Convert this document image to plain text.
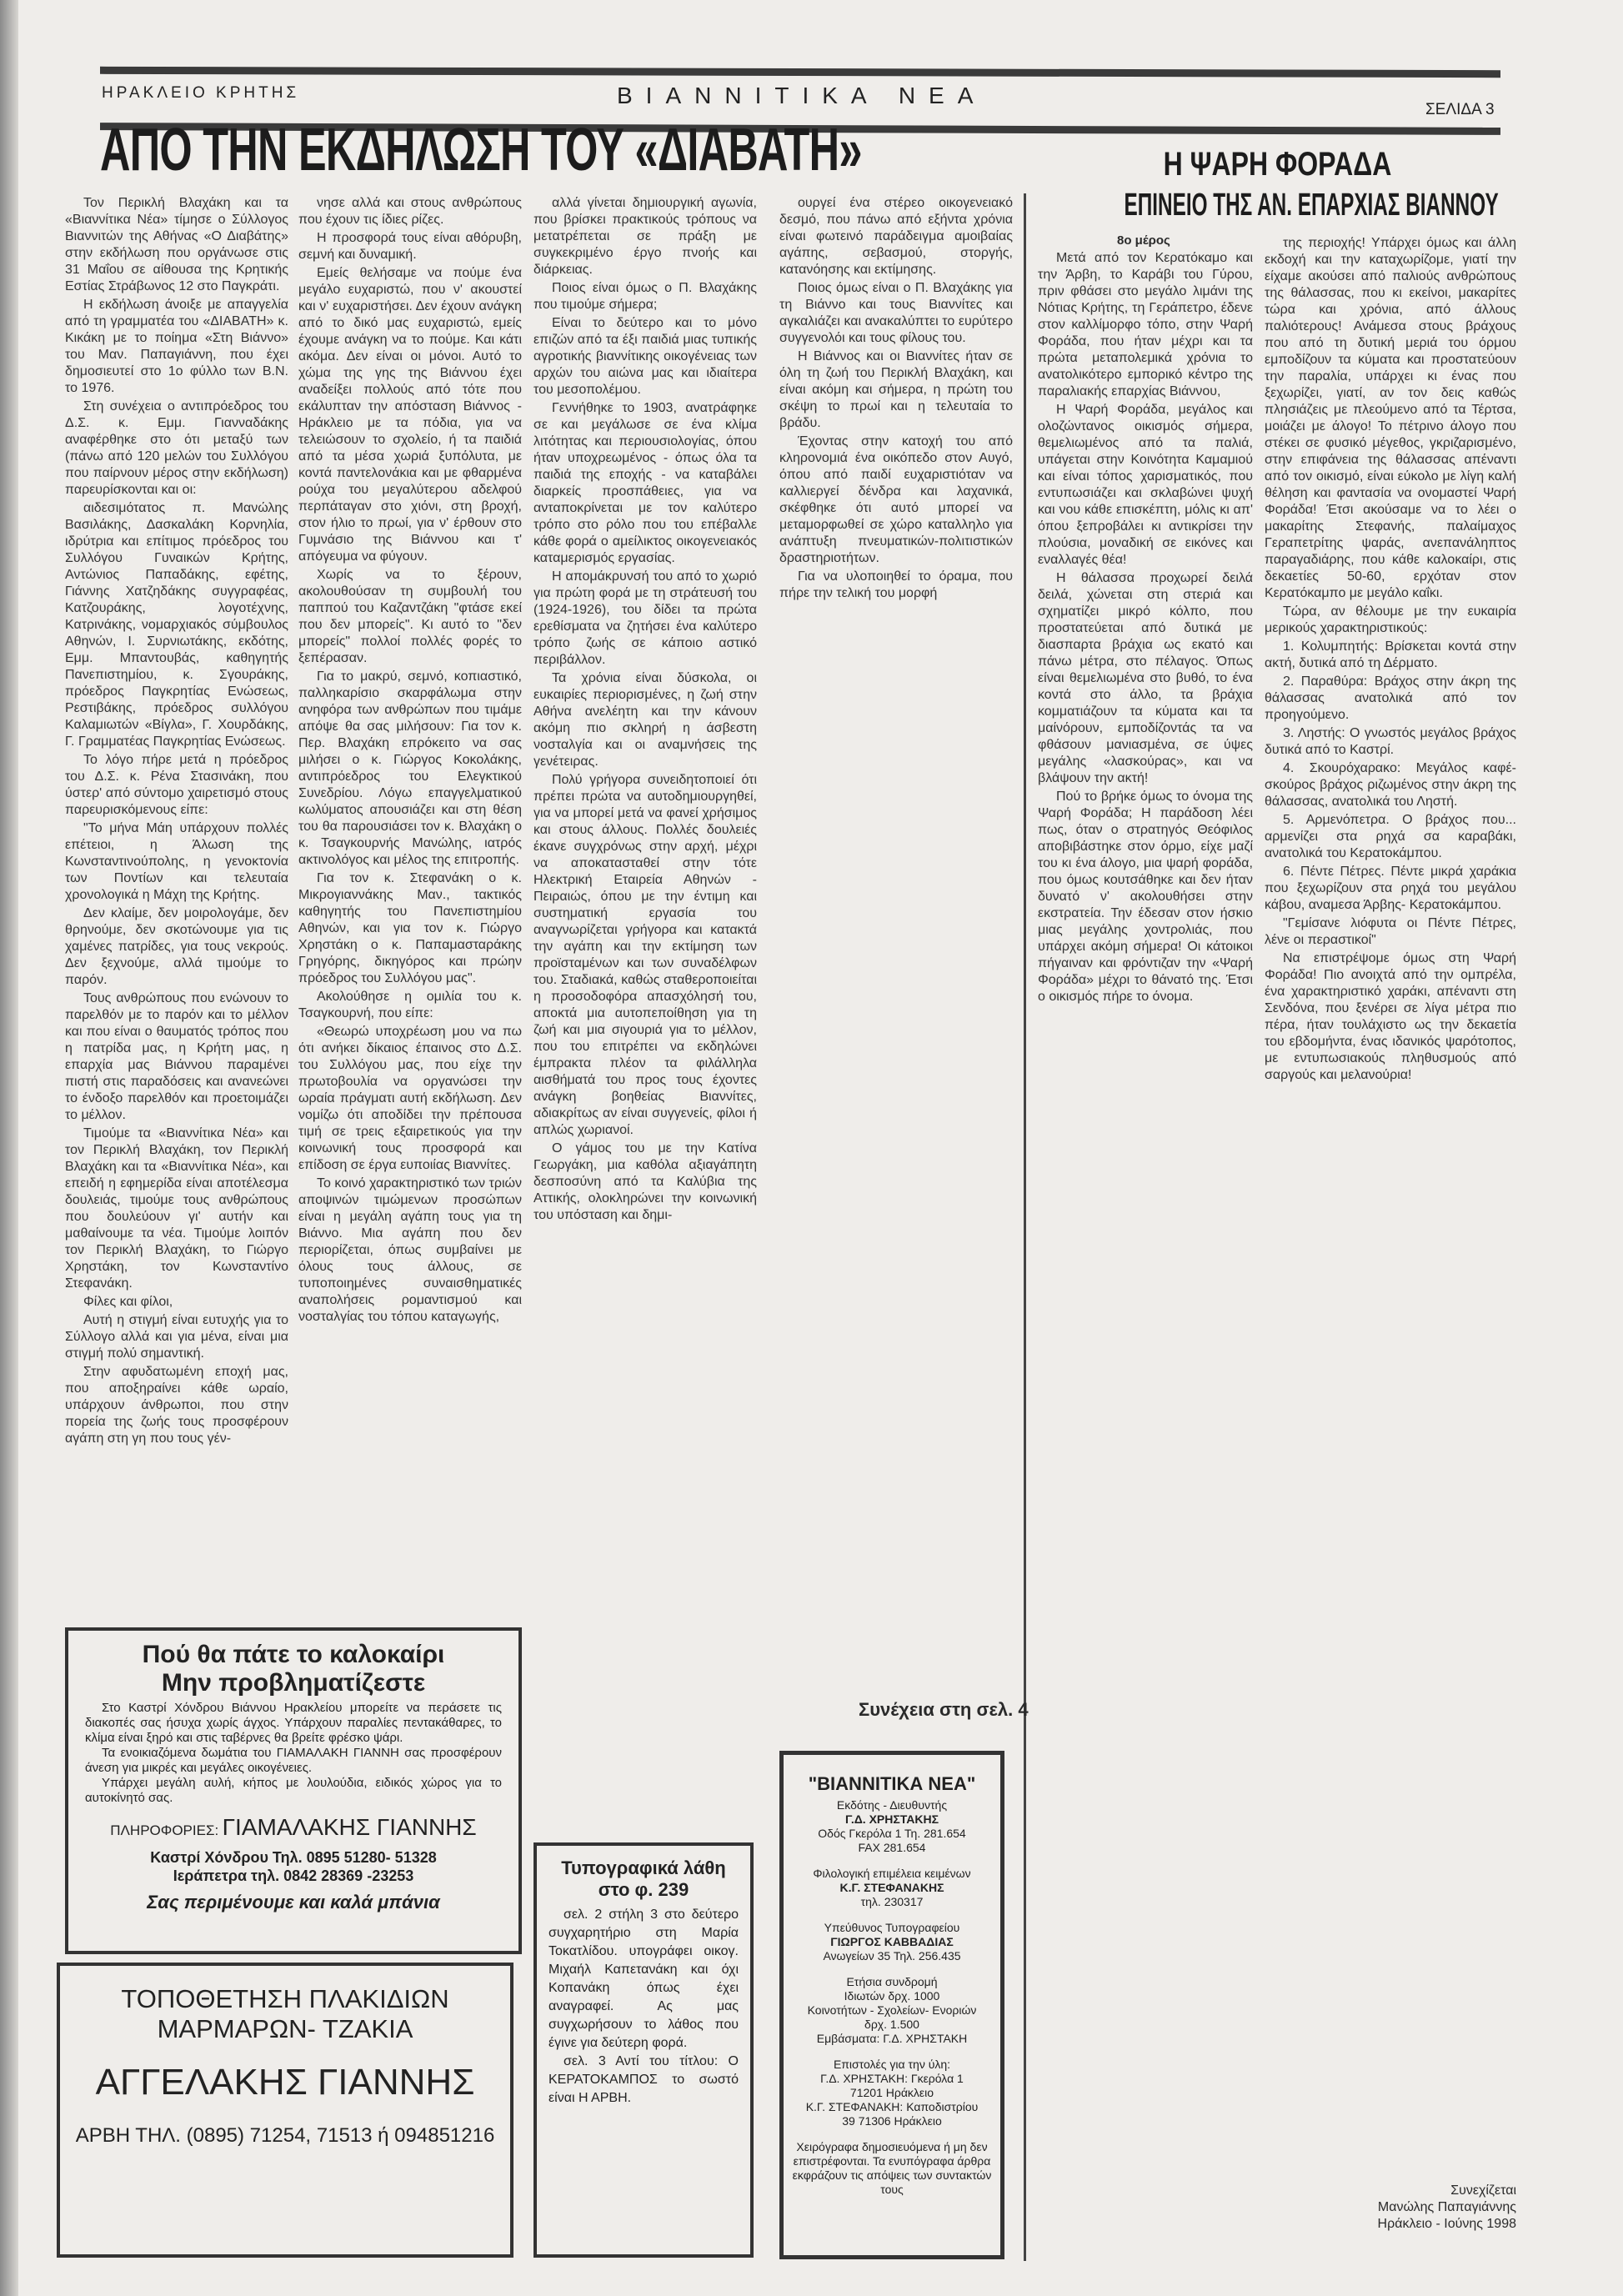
ΗΡΑΚΛΕΙΟ ΚΡΗΤΗΣ	ΒΙΑΝΝΙΤΙΚΑ ΝΕΑ
ΣΕΛΙΔΑ 3
ΑΠΟ ΤΗΝ ΕΚΔΗΛΩΣΗ ΤΟΥ «ΔΙΑΒΑΤΗ»

Τον Περικλή Βλαχάκη και τα «Βιαννίτικα Νέα» τίμησε ο Σύλλογος Βιαννιτών της Αθήνας «Ο Διαβάτης» στην εκδήλωση που οργάνωσε στις 31 Μαΐου σε αίθουσα της Κρητικής Εστίας Στράβωνος 12 στο Παγκράτι.

Η εκδήλωση άνοιξε με απαγγελία από τη γραμματέα του «ΔΙΑΒΑΤΗ» κ. Κικάκη με το ποίημα «Στη Βιάννο» του Μαν. Παπαγιάννη, που έχει δημοσιευτεί στο 1ο φύλλο των Β.Ν. το 1976.

Στη συνέχεια ο αντιπρόεδρος του Δ.Σ. κ. Εμμ. Γιανναδάκης αναφέρθηκε στο ότι μεταξύ των (πάνω από 120 μελών του Συλλόγου που παίρνουν μέρος στην εκδήλωση) παρευρίσκονται και οι:

αιδεσιμότατος π. Μανώλης Βασιλάκης, Δασκαλάκη Κορνηλία, ιδρύτρια και επίτιμος πρόεδρος του Συλλόγου Γυναικών Κρήτης, Αντώνιος Παπαδάκης, εφέτης, Γιάννης Χατζηδάκης συγγραφέας, Κατζουράκης, λογοτέχνης, Κατρινάκης, νομαρχιακός σύμβουλος Αθηνών, Ι. Συρνιωτάκης, εκδότης, Εμμ. Μπαντουβάς, καθηγητής Πανεπιστημίου, κ. Σγουράκης, πρόεδρος Παγκρητίας Ενώσεως, Ρεστιβάκης, πρόεδρος συλλόγου Καλαμιωτών «Βίγλα», Γ. Χουρδάκης, Γ. Γραμματέας Παγκρητίας Ενώσεως.

Το λόγο πήρε μετά η πρόεδρος του Δ.Σ. κ. Ρένα Στασινάκη, που ύστερ' από σύντομο χαιρετισμό στους παρευρισκόμενους είπε:

"Το μήνα Μάη υπάρχουν πολλές επέτειοι, η Άλωση της Κωνσταντινούπολης, η γενοκτονία των Ποντίων και τελευταία χρονολογικά η Μάχη της Κρήτης.

Δεν κλαίμε, δεν μοιρολογάμε, δεν θρηνούμε, δεν σκοτώνουμε για τις χαμένες πατρίδες, για τους νεκρούς. Δεν ξεχνούμε, αλλά τιμούμε το παρόν.

Τους ανθρώπους που ενώνουν το παρελθόν με το παρόν και το μέλλον και που είναι ο θαυματός τρόπος που η πατρίδα μας, η Κρήτη μας, η επαρχία μας Βιάννου παραμένει πιστή στις παραδόσεις και ανανεώνει το ένδοξο παρελθόν και προετοιμάζει το μέλλον.

Τιμούμε τα «Βιαννίτικα Νέα» και τον Περικλή Βλαχάκη, τον Περικλή Βλαχάκη και τα «Βιαννίτικα Νέα», και επειδή η εφημερίδα είναι αποτέλεσμα δουλειάς, τιμούμε τους ανθρώπους που δουλεύουν γι' αυτήν και μαθαίνουμε τα νέα. Τιμούμε λοιπόν τον Περικλή Βλαχάκη, το Γιώργο Χρηστάκη, τον Κωνσταντίνο Στεφανάκη.

Φίλες και φίλοι,

Αυτή η στιγμή είναι ευτυχής για το Σύλλογο αλλά και για μένα, είναι μια στιγμή πολύ σημαντική.

Στην αφυδατωμένη εποχή μας, που αποξηραίνει κάθε ωραίο, υπάρχουν άνθρωποι, που στην πορεία της ζωής τους προσφέρουν αγάπη στη γη που τους γέν-

νησε αλλά και στους ανθρώπους που έχουν τις ίδιες ρίζες.

Η προσφορά τους είναι αθόρυβη, σεμνή και δυναμική.

Εμείς θελήσαμε να πούμε ένα μεγάλο ευχαριστώ, που ν' ακουστεί και ν' ευχαριστήσει. Δεν έχουν ανάγκη από το δικό μας ευχαριστώ, εμείς έχουμε ανάγκη να το πούμε. Και κάτι ακόμα. Δεν είναι οι μόνοι. Αυτό το χώμα της γης της Βιάννου έχει αναδείξει πολλούς από τότε που εκάλυπταν την απόσταση Βιάννος - Ηράκλειο με τα πόδια, για να τελειώσουν το σχολείο, ή τα παιδιά από τα μέσα χωριά ξυπόλυτα, με κοντά παντελονάκια και με φθαρμένα ρούχα του μεγαλύτερου αδελφού περπάταγαν στο χιόνι, στη βροχή, στον ήλιο το πρωί, για ν' έρθουν στο Γυμνάσιο της Βιάννου και τ' απόγευμα να φύγουν.

Χωρίς να το ξέρουν, ακολουθούσαν τη συμβουλή του παππού του Καζαντζάκη "φτάσε εκεί που δεν μπορείς". Κι αυτό το "δεν μπορείς" πολλοί πολλές φορές το ξεπέρασαν.

Για το μακρύ, σεμνό, κοπιαστικό, παλληκαρίσιο σκαρφάλωμα στην ανηφόρα των ανθρώπων που τιμάμε απόψε θα σας μιλήσουν: Για τον κ. Περ. Βλαχάκη επρόκειτο να σας μιλήσει ο κ. Γιώργος Κοκολάκης, αντιπρόεδρος του Ελεγκτικού Συνεδρίου. Λόγω επαγγελματικού κωλύματος απουσιάζει και στη θέση του θα παρουσιάσει τον κ. Βλαχάκη ο κ. Τσαγκουρνής Μανώλης, ιατρός ακτινολόγος και μέλος της επιτροπής.

Για τον κ. Στεφανάκη ο κ. Μικρογιαννάκης Μαν., τακτικός καθηγητής του Πανεπιστημίου Αθηνών, και για τον κ. Γιώργο Χρηστάκη ο κ. Παπαμασταράκης Γρηγόρης, δικηγόρος και πρώην πρόεδρος του Συλλόγου μας".

Ακολούθησε η ομιλία του κ. Τσαγκουρνή, που είπε:

«Θεωρώ υποχρέωση μου να πω ότι ανήκει δίκαιος έπαινος στο Δ.Σ. του Συλλόγου μας, που είχε την πρωτοβουλία να οργανώσει την ωραία πράγματι αυτή εκδήλωση. Δεν νομίζω ότι αποδίδει την πρέπουσα τιμή σε τρεις εξαιρετικούς για την κοινωνική τους προσφορά και επίδοση σε έργα ευποιίας Βιαννίτες.

Το κοινό χαρακτηριστικό των τριών αποψινών τιμώμενων προσώπων είναι η μεγάλη αγάπη τους για τη Βιάννο. Μια αγάπη που δεν περιορίζεται, όπως συμβαίνει με όλους τους άλλους, σε τυποποιημένες συναισθηματικές αναπολήσεις ρομαντισμού και νοσταλγίας του τόπου καταγωγής,

αλλά γίνεται δημιουργική αγωνία, που βρίσκει πρακτικούς τρόπους να μετατρέπεται σε πράξη με συγκεκριμένο έργο πνοής και διάρκειας.

Ποιος είναι όμως ο Π. Βλαχάκης που τιμούμε σήμερα;

Είναι το δεύτερο και το μόνο επιζών από τα έξι παιδιά μιας τυπικής αγροτικής βιαννίτικης οικογένειας των αρχών του αιώνα μας και ιδιαίτερα του μεσοπολέμου.

Γεννήθηκε το 1903, ανατράφηκε σε και μεγάλωσε σε ένα κλίμα λιτότητας και περιουσιολογίας, όπου ήταν υποχρεωμένος - όπως όλα τα παιδιά της εποχής - να καταβάλει διαρκείς προσπάθειες, για να ανταποκρίνεται με τον καλύτερο τρόπο στο ρόλο που του επέβαλλε κάθε φορά ο αμείλικτος οικογενειακός καταμερισμός εργασίας.

Η απομάκρυνσή του από το χωριό για πρώτη φορά με τη στράτευσή του (1924-1926), του δίδει τα πρώτα ερεθίσματα να ζητήσει ένα καλύτερο τρόπο ζωής σε κάποιο αστικό περιβάλλον.

Τα χρόνια είναι δύσκολα, οι ευκαιρίες περιορισμένες, η ζωή στην Αθήνα ανελέητη και την κάνουν ακόμη πιο σκληρή η άσβεστη νοσταλγία και οι αναμνήσεις της γενέτειρας.

Πολύ γρήγορα συνειδητοποιεί ότι πρέπει πρώτα να αυτοδημιουργηθεί, για να μπορεί μετά να φανεί χρήσιμος και στους άλλους. Πολλές δουλειές έκανε συγχρόνως στην αρχή, μέχρι να αποκατασταθεί στην τότε Ηλεκτρική Εταιρεία Αθηνών - Πειραιώς, όπου με την έντιμη και συστηματική εργασία του αναγνωρίζεται γρήγορα και κατακτά την αγάπη και την εκτίμηση των προϊσταμένων και των συναδέλφων του. Σταδιακά, καθώς σταθεροποιείται η προσοδοφόρα απασχόλησή του, αποκτά μια αυτοπεποίθηση για τη ζωή και μια σιγουριά για το μέλλον, που του επιτρέπει να εκδηλώνει έμπρακτα πλέον τα φιλάλληλα αισθήματά του προς τους έχοντες ανάγκη βοηθείας Βιαννίτες, αδιακρίτως αν είναι συγγενείς, φίλοι ή απλώς χωριανοί.

Ο γάμος του με την Κατίνα Γεωργάκη, μια καθόλα αξιαγάπητη δεσποσύνη από τα Καλύβια της Αττικής, ολοκληρώνει την κοινωνική του υπόσταση και δημι-

ουργεί ένα στέρεο οικογενειακό δεσμό, που πάνω από εξήντα χρόνια είναι φωτεινό παράδειγμα αμοιβαίας αγάπης, σεβασμού, στοργής, κατανόησης και εκτίμησης.

Ποιος όμως είναι ο Π. Βλαχάκης για τη Βιάννο και τους Βιαννίτες και αγκαλιάζει και ανακαλύπτει το ευρύτερο συγγενολόι και τους φίλους του.

Η Βιάννος και οι Βιαννίτες ήταν σε όλη τη ζωή του Περικλή Βλαχάκη, και είναι ακόμη και σήμερα, η πρώτη του σκέψη το πρωί και η τελευταία το βράδυ.

Έχοντας στην κατοχή του από κληρονομιά ένα οικόπεδο στον Αυγό, όπου από παιδί ευχαριστιόταν να καλλιεργεί δένδρα και λαχανικά, σκέφθηκε ότι αυτό μπορεί να μεταμορφωθεί σε χώρο καταλληλο για ανάπτυξη πνευματικών-πολιτιστικών δραστηριοτήτων.

Για να υλοποιηθεί το όραμα, που πήρε την τελική του μορφή

Συνέχεια στη σελ. 4
Η ΨΑΡΗ ΦΟΡΑΔΑ
ΕΠΙΝΕΙΟ ΤΗΣ ΑΝ. ΕΠΑΡΧΙΑΣ ΒΙΑΝΝΟΥ
8ο μέρος

Μετά από τον Κερατόκαμο και την Άρβη, το Καράβι του Γύρου, πριν φθάσει στο μεγάλο λιμάνι της Νότιας Κρήτης, τη Γεράπετρο, έδενε στον καλλίμορφο τόπο, στην Ψαρή Φοράδα, που ήταν μέχρι και τα πρώτα μεταπολεμικά χρόνια το ανατολικότερο εμπορικό κέντρο της παραλιακής επαρχίας Βιάννου,

Η Ψαρή Φοράδα, μεγάλος και ολοζώντανος οικισμός σήμερα, θεμελιωμένος από τα παλιά, υπάγεται στην Κοινότητα Καμαμιού και είναι τόπος χαρισματικός, που εντυπωσιάζει και σκλαβώνει ψυχή και νου κάθε επισκέπτη, μόλις κι απ' όπου ξεπροβάλει κι αντικρίσει την πλούσια, μοναδική σε εικόνες και εναλλαγές θέα!

Η θάλασσα προχωρεί δειλά δειλά, χώνεται στη στεριά και σχηματίζει μικρό κόλπο, που προστατεύεται από δυτικά με διασπαρτα βράχια ως εκατό και πάνω μέτρα, στο πέλαγος. Όπως είναι θεμελιωμένα στο βυθό, το ένα κοντά στο άλλο, τα βράχια κομματιάζουν τα κύματα και τα μαίνόρουν, εμποδίζοντάς τα να φθάσουν μανιασμένα, σε ύψες μεγάλης «λασκούρας», και να βλάψουν την ακτή!

Πού το βρήκε όμως το όνομα της Ψαρή Φοράδα; Η παράδοση λέει πως, όταν ο στρατηγός Θεόφιλος αποβιβάστηκε στον όρμο, είχε μαζί του κι ένα άλογο, μια ψαρή φοράδα, που όμως κουτσάθηκε και δεν ήταν δυνατό ν' ακολουθήσει στην εκστρατεία. Την έδεσαν στον ήσκιο μιας μεγάλης χοντρολιάς, που υπάρχει ακόμη σήμερα! Οι κάτοικοι πήγαιναν και φρόντιζαν την «Ψαρή Φοράδα» μέχρι το θάνατό της. Έτσι ο οικισμός πήρε το όνομα.

της περιοχής! Υπάρχει όμως και άλλη εκδοχή και την καταχωρίζομε, γιατί την είχαμε ακούσει από παλιούς ανθρώπους της θάλασσας, που κι εκείνοι, μακαρίτες τώρα και χρόνια, από άλλους παλιότερους! Ανάμεσα στους βράχους που από τη δυτική μεριά του όρμου εμποδίζουν τα κύματα και προστατεύουν την παραλία, υπάρχει κι ένας που ξεχωρίζει, γιατί, αν τον δεις καθώς πλησιάζεις με πλεούμενο από τα Τέρτσα, μοιάζει με άλογο! Το πέτρινο άλογο που στέκει σε φυσικό μέγεθος, γκριζαρισμένο, στην επιφάνεια της θάλασσας απέναντι από τον οικισμό, είναι εύκολο με λίγη καλή θέληση και φαντασία να ονομαστεί Ψαρή Φοράδα! Έτσι ακούσαμε να το λέει ο μακαρίτης Στεφανής, παλαίμαχος Γεραπετρίτης ψαράς, ανεπανάληπτος παραγαδιάρης, που κάθε καλοκαίρι, στις δεκαετίες 50-60, ερχόταν στον Κερατόκαμπο με μεγάλο καΐκι.

Τώρα, αν θέλουμε με την ευκαιρία μερικούς χαρακτηριστικούς:

1. Κολυμπητής: Βρίσκεται κοντά στην ακτή, δυτικά από τη Δέρματο.

2. Παραθύρα: Βράχος στην άκρη της θάλασσας ανατολικά από τον προηγούμενο.

3. Ληστής: Ο γνωστός μεγάλος βράχος δυτικά από το Καστρί.

4. Σκουρόχαρακο: Μεγάλος καφέ- σκούρος βράχος ριζωμένος στην άκρη της θάλασσας, ανατολικά του Ληστή.

5. Αρμενόπετρα. Ο βράχος που... αρμενίζει στα ρηχά σα καραβάκι, ανατολικά του Κερατοκάμπου.

6. Πέντε Πέτρες. Πέντε μικρά χαράκια που ξεχωρίζουν στα ρηχά του μεγάλου κάβου, αναμεσα Άρβης- Κερατοκάμπου.

"Γεμίσανε λιόφυτα οι Πέντε Πέτρες, λένε οι περαστικοί"

Να επιστρέψομε όμως στη Ψαρή Φοράδα! Πιο ανοιχτά από την ομπρέλα, ένα χαρακτηριστικό χαράκι, απέναντι στη Σενδόνα, που ξενέρει σε λίγα μέτρα πιο πέρα, ήταν τουλάχιστο ως την δεκαετία του εβδομήντα, ένας ιδανικός ψαρότοπος, με εντυπωσιακούς πληθυσμούς από σαργούς και μελανούρια!

Συνεχίζεται
Μανώλης Παπαγιάννης
Ηράκλειο - Ιούνης 1998

Πού θα πάτε το καλοκαίρι

Μην προβληματίζεστε

Στο Καστρί Χόνδρου Βιάννου Ηρακλείου μπορείτε να περάσετε τις διακοπές σας ήσυχα χωρίς άγχος. Υπάρχουν παραλίες πεντακάθαρες, το κλίμα είναι ξηρό και στις ταβέρνες θα βρείτε φρέσκο ψάρι.

Τα ενοικιαζόμενα δωμάτια του ΓΙΑΜΑΛΑΚΗ ΓΙΑΝΝΗ σας προσφέρουν άνεση για μικρές και μεγάλες οικογένειες.

Υπάρχει μεγάλη αυλή, κήπος με λουλούδια, ειδικός χώρος για το αυτοκίνητό σας.

ΠΛΗΡΟΦΟΡΙΕΣ: ΓΙΑΜΑΛΑΚΗΣ ΓΙΑΝΝΗΣ

Καστρί Χόνδρου Τηλ. 0895 51280- 51328

Ιεράπετρα τηλ. 0842 28369 -23253

Σας περιμένουμε και καλά μπάνια

ΤΟΠΟΘΕΤΗΣΗ ΠΛΑΚΙΔΙΩΝ

ΜΑΡΜΑΡΩΝ- ΤΖΑΚΙΑ

ΑΓΓΕΛΑΚΗΣ ΓΙΑΝΝΗΣ

ΑΡΒΗ ΤΗΛ. (0895) 71254, 71513 ή 094851216

Τυπογραφικά λάθη

στο φ. 239

σελ. 2 στήλη 3 στο δεύτερο συγχαρητήριο στη Μαρία Τοκατλίδου. υπογράφει οικογ. Μιχαήλ Καπετανάκη και όχι Κοπανάκη όπως έχει αναγραφεί. Ας μας συγχωρήσουν το λάθος που έγινε για δεύτερη φορά.

σελ. 3 Αντί του τίτλου: Ο ΚΕΡΑΤΟΚΑΜΠΟΣ το σωστό είναι Η ΑΡΒΗ.

"ΒΙΑΝΝΙΤΙΚΑ ΝΕΑ"

Εκδότης - Διευθυντής
Γ.Δ. ΧΡΗΣΤΑΚΗΣ
Οδός Γκερόλα 1 Τη. 281.654
FAX 281.654
Φιλολογική επιμέλεια κειμένων
Κ.Γ. ΣΤΕΦΑΝΑΚΗΣ
τηλ. 230317
Υπεύθυνος Τυπογραφείου
ΓΙΩΡΓΟΣ ΚΑΒΒΑΔΙΑΣ
Ανωγείων 35 Τηλ. 256.435
Ετήσια συνδρομή
Ιδιωτών δρχ. 1000
Κοινοτήτων - Σχολείων- Ενοριών
δρχ. 1.500
Εμβάσματα: Γ.Δ. ΧΡΗΣΤΑΚΗ
Επιστολές για την ύλη:
Γ.Δ. ΧΡΗΣΤΑΚΗ: Γκερόλα 1
71201 Ηράκλειο
Κ.Γ. ΣΤΕΦΑΝΑΚΗ: Καποδιστρίου
39 71306 Ηράκλειο
Χειρόγραφα δημοσιευόμενα ή μη δεν επιστρέφονται. Τα ενυπόγραφα άρθρα εκφράζουν τις απόψεις των συντακτών τους
